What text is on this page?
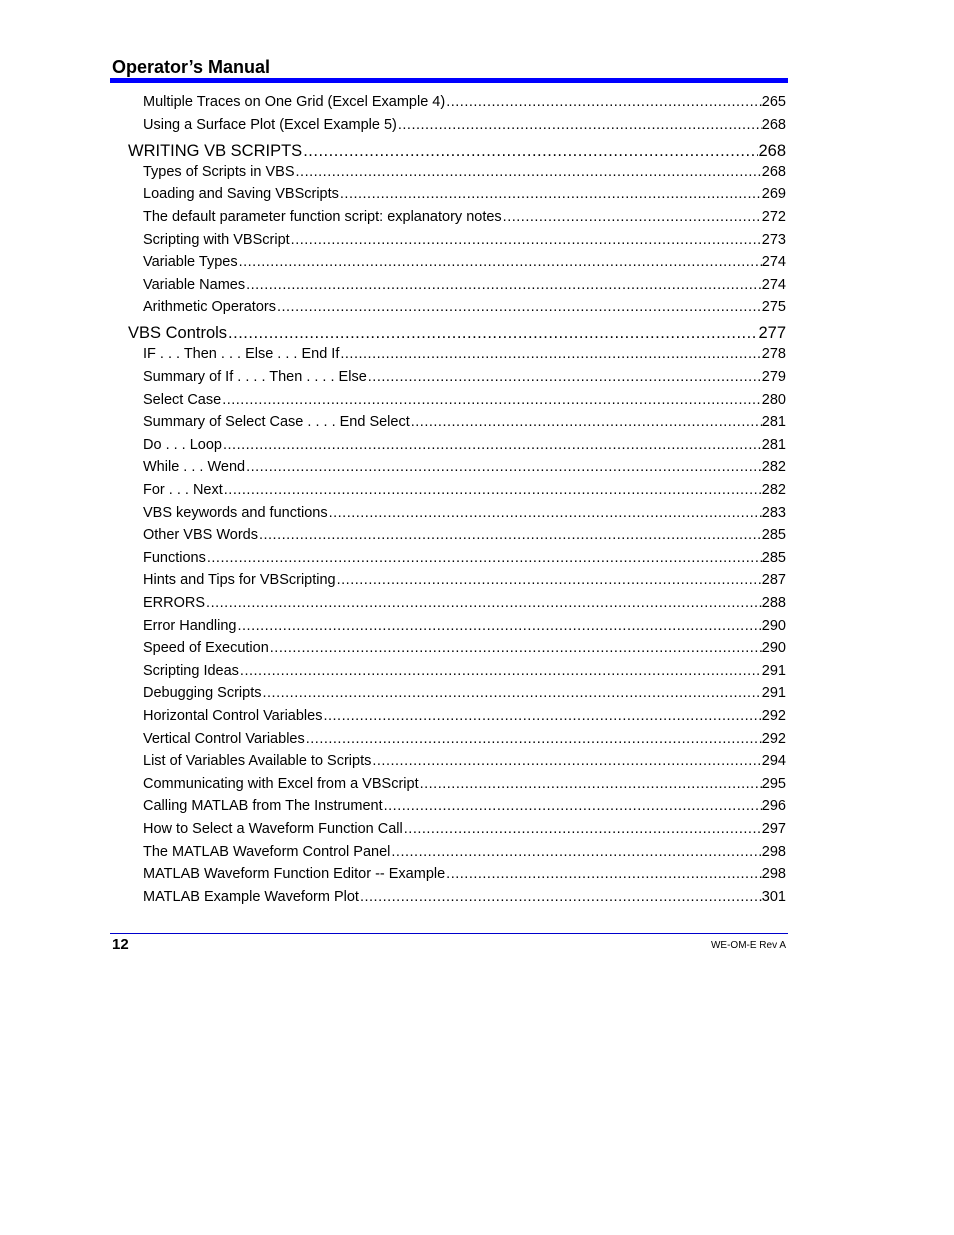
Operator’s Manual
Multiple Traces on One Grid (Excel Example 4) .....	265
Using a Surface Plot (Excel Example 5) .....	268
WRITING VB SCRIPTS .....	268
Types of Scripts in VBS .....	268
Loading and Saving VBScripts .....	269
The default parameter function script: explanatory notes .....	272
Scripting with VBScript .....	273
Variable Types .....	274
Variable Names .....	274
Arithmetic Operators .....	275
VBS Controls .....	277
IF . . . Then . . . Else . . . End If .....	278
Summary of If . . . . Then . . . . Else .....	279
Select Case .....	280
Summary of Select Case . . . . End Select .....	281
Do . . . Loop .....	281
While . . . Wend .....	282
For . . . Next .....	282
VBS keywords and functions .....	283
Other VBS Words .....	285
Functions .....	285
Hints and Tips for VBScripting .....	287
ERRORS .....	288
Error Handling .....	290
Speed of Execution .....	290
Scripting Ideas .....	291
Debugging Scripts .....	291
Horizontal Control Variables .....	292
Vertical Control Variables .....	292
List of Variables Available to Scripts .....	294
Communicating with Excel from a VBScript .....	295
Calling MATLAB from The Instrument .....	296
How to Select a Waveform Function Call .....	297
The MATLAB Waveform Control Panel .....	298
MATLAB Waveform Function Editor -- Example .....	298
MATLAB Example Waveform Plot .....	301
12	WE-OM-E Rev A
